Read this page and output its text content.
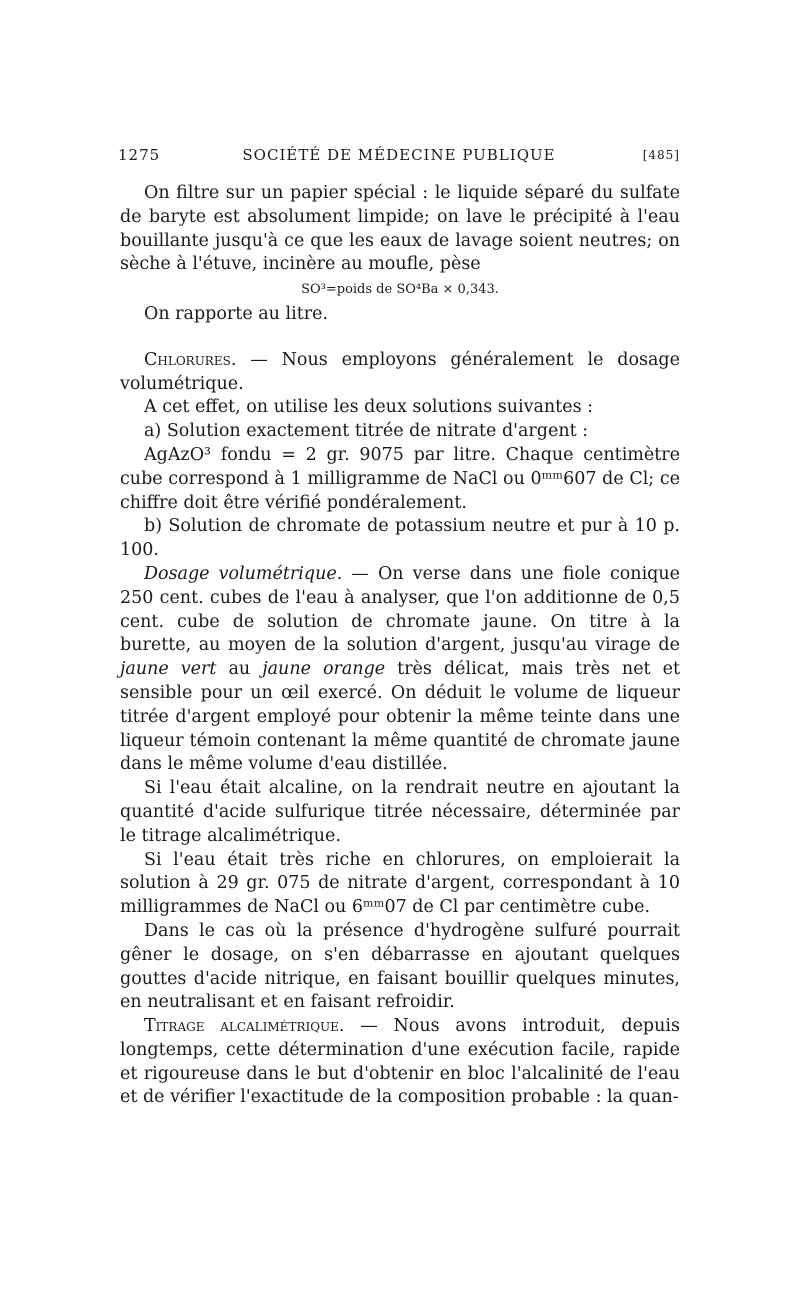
1275	SOCIÉTÉ DE MÉDECINE PUBLIQUE	[485]

On filtre sur un papier spécial : le liquide séparé du sulfate de baryte est absolument limpide; on lave le précipité à l'eau bouillante jusqu'à ce que les eaux de lavage soient neutres; on sèche à l'étuve, incinère au moufle, pèse

SO³=poids de SO⁴Ba × 0,343.

On rapporte au litre.

Chlorures. — Nous employons généralement le dosage volumétrique.

A cet effet, on utilise les deux solutions suivantes :

a) Solution exactement titrée de nitrate d'argent :

AgAzO³ fondu = 2 gr. 9075 par litre. Chaque centimètre cube correspond à 1 milligramme de NaCl ou 0ᵐᵐ607 de Cl; ce chiffre doit être vérifié pondéralement.

b) Solution de chromate de potassium neutre et pur à 10 p. 100.

Dosage volumétrique. — On verse dans une fiole conique 250 cent. cubes de l'eau à analyser, que l'on additionne de 0,5 cent. cube de solution de chromate jaune. On titre à la burette, au moyen de la solution d'argent, jusqu'au virage de jaune vert au jaune orange très délicat, mais très net et sensible pour un œil exercé. On déduit le volume de liqueur titrée d'argent employé pour obtenir la même teinte dans une liqueur témoin contenant la même quantité de chromate jaune dans le même volume d'eau distillée.

Si l'eau était alcaline, on la rendrait neutre en ajoutant la quantité d'acide sulfurique titrée nécessaire, déterminée par le titrage alcalimétrique.

Si l'eau était très riche en chlorures, on emploierait la solution à 29 gr. 075 de nitrate d'argent, correspondant à 10 milligrammes de NaCl ou 6ᵐᵐ07 de Cl par centimètre cube.

Dans le cas où la présence d'hydrogène sulfuré pourrait gêner le dosage, on s'en débarrasse en ajoutant quelques gouttes d'acide nitrique, en faisant bouillir quelques minutes, en neutralisant et en faisant refroidir.

Titrage alcalimétrique. — Nous avons introduit, depuis longtemps, cette détermination d'une exécution facile, rapide et rigoureuse dans le but d'obtenir en bloc l'alcalinité de l'eau et de vérifier l'exactitude de la composition probable : la quan-
